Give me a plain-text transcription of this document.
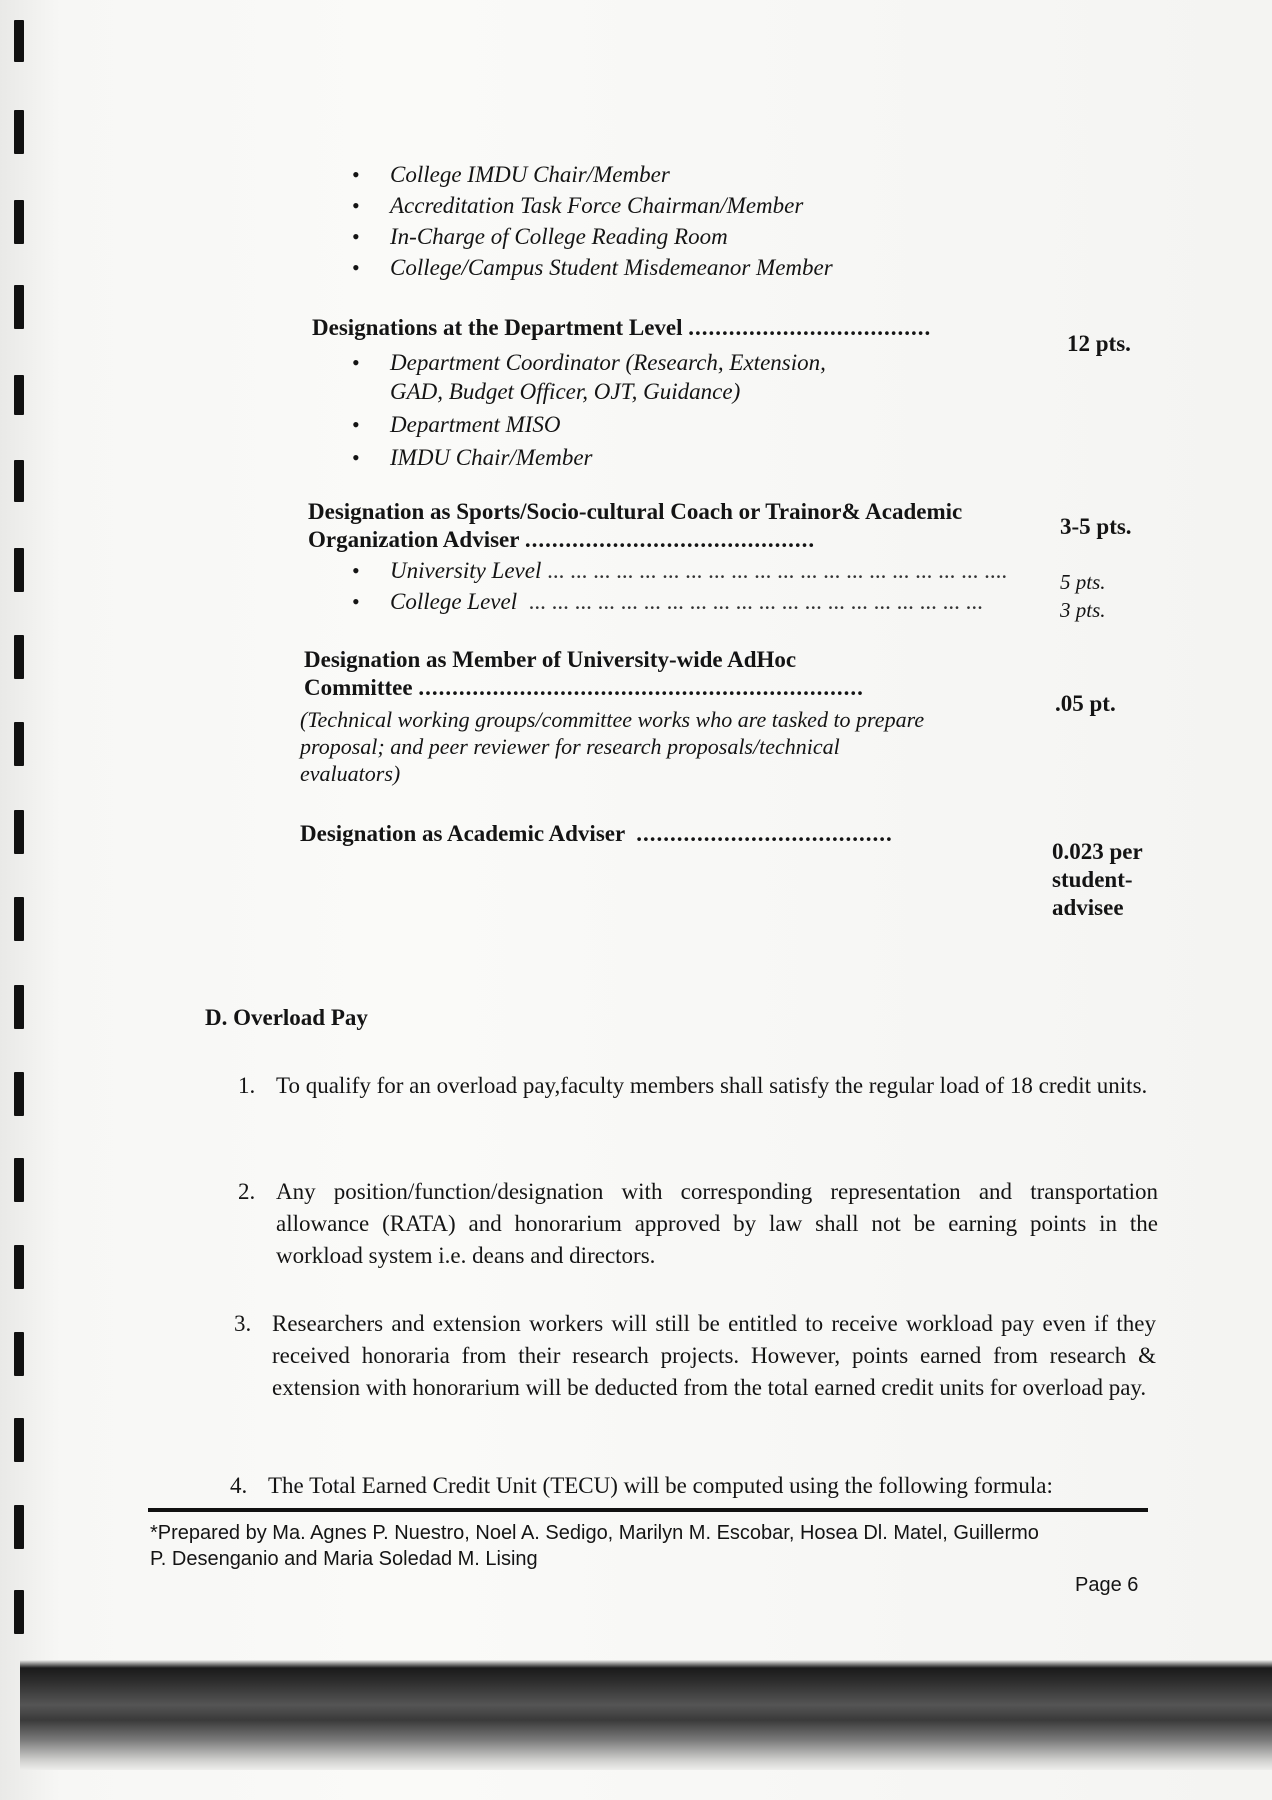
• College IMDU Chair/Member
• Accreditation Task Force Chairman/Member
• In-Charge of College Reading Room
• College/Campus Student Misdemeanor Member
Designations at the Department Level ....................................
12 pts.
• Department Coordinator (Research, Extension,
GAD, Budget Officer, OJT, Guidance)
• Department MISO
• IMDU Chair/Member
Designation as Sports/Socio-cultural Coach or Trainor& Academic
Organization Adviser ...........................................
3-5 pts.
• University Level ... ... ... ... ... ... ... ... ... ... ... ... ... ... ... ... ... ... ... ....
• College Level  ... ... ... ... ... ... ... ... ... ... ... ... ... ... ... ... ... ... ... ...
5 pts.
3 pts.
Designation as Member of University-wide AdHoc
Committee ..................................................................
.05 pt.
(Technical working groups/committee works who are tasked to prepare
proposal; and peer reviewer for research proposals/technical
evaluators)
Designation as Academic Adviser ......................................
0.023 per
student-
advisee
D. Overload Pay
1. To qualify for an overload pay,faculty members shall satisfy the regular load of 18 credit units.
2. Any position/function/designation with corresponding representation and transportation allowance (RATA) and honorarium approved by law shall not be earning points in the workload system i.e. deans and directors.
3. Researchers and extension workers will still be entitled to receive workload pay even if they received honoraria from their research projects. However, points earned from research & extension with honorarium will be deducted from the total earned credit units for overload pay.
4. The Total Earned Credit Unit (TECU) will be computed using the following formula:
*Prepared by Ma. Agnes P. Nuestro, Noel A. Sedigo, Marilyn M. Escobar, Hosea Dl. Matel, Guillermo
P. Desenganio and Maria Soledad M. Lising
Page 6
